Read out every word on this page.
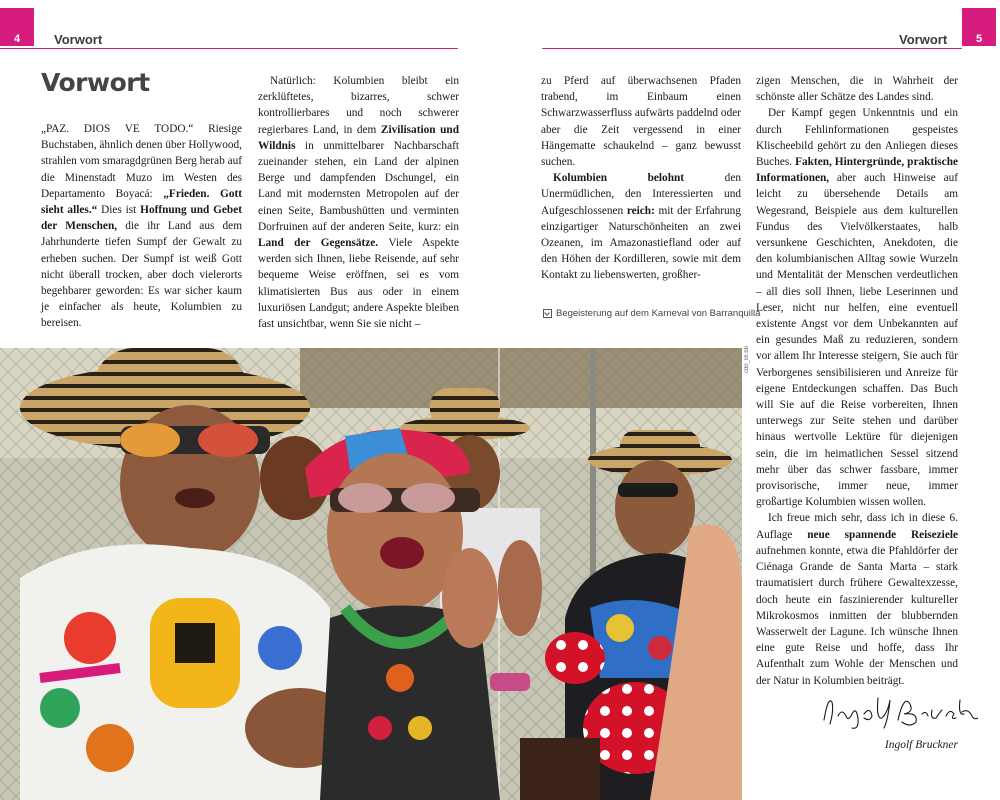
4	Vorwort	5
Vorwort
Vorwort

„PAZ. DIOS VE TODO.“ Riesige Buchstaben, ähnlich denen über Hollywood, strahlen vom smaragdgrünen Berg herab auf die Minenstadt Muzo im Westen des Departamento Boyacá: „Frieden. Gott sieht alles.“ Dies ist Hoffnung und Gebet der Menschen, die ihr Land aus dem Jahrhunderte tiefen Sumpf der Gewalt zu erheben suchen. Der Sumpf ist weiß Gott nicht überall trocken, aber doch vielerorts begehbarer geworden: Es war sicher kaum je einfacher als heute, Kolumbien zu bereisen.

Natürlich: Kolumbien bleibt ein zerklüftetes, bizarres, schwer kontrollierbares und noch schwerer regierbares Land, in dem Zivilisation und Wildnis in unmittelbarer Nachbarschaft zueinander stehen, ein Land der alpinen Berge und dampfenden Dschungel, ein Land mit modernsten Metropolen auf der einen Seite, Bambushütten und verminten Dorfruinen auf der anderen Seite, kurz: ein Land der Gegensätze. Viele Aspekte werden sich Ihnen, liebe Reisende, auf sehr bequeme Weise eröffnen, sei es vom klimatisierten Bus aus oder in einem luxuriösen Landgut; andere Aspekte bleiben fast unsichtbar, wenn Sie sie nicht –

zu Pferd auf überwachsenen Pfaden trabend, im Einbaum einen Schwarzwasserfluss aufwärts paddelnd oder aber die Zeit vergessend in einer Hängematte schaukelnd – ganz bewusst suchen.

Kolumbien belohnt den Unermüdlichen, den Interessierten und Aufgeschlossenen reich: mit der Erfahrung einzigartiger Naturschönheiten an zwei Ozeanen, im Amazonastiefland oder auf den Höhen der Kordilleren, sowie mit dem Kontakt zu liebenswerten, großher-

Begeisterung auf dem Karneval von Barranquilla
cdo_BI.bb

zigen Menschen, die in Wahrheit der schönste aller Schätze des Landes sind.

Der Kampf gegen Unkenntnis und ein durch Fehlinformationen gespeistes Klischeebild gehört zu den Anliegen dieses Buches. Fakten, Hintergründe, praktische Informationen, aber auch Hinweise auf leicht zu übersehende Details am Wegesrand, Beispiele aus dem kulturellen Fundus des Vielvölkerstaates, halb versunkene Geschichten, Anekdoten, die den kolumbianischen Alltag sowie Wurzeln und Mentalität der Menschen verdeutlichen – all dies soll Ihnen, liebe Leserinnen und Leser, nicht nur helfen, eine eventuell existente Angst vor dem Unbekannten auf ein gesundes Maß zu reduzieren, sondern vor allem Ihr Interesse steigern, Sie auch für Verborgenes sensibilisieren und Anreize für eigene Entdeckungen schaffen. Das Buch will Sie auf die Reise vorbereiten, Ihnen unterwegs zur Seite stehen und darüber hinaus wertvolle Lektüre für diejenigen sein, die im heimatlichen Sessel sitzend mehr über das schwer fassbare, immer provisorische, immer neue, immer großartige Kolumbien wissen wollen.

Ich freue mich sehr, dass ich in diese 6. Auflage neue spannende Reiseziele aufnehmen konnte, etwa die Pfahldörfer der Ciénaga Grande de Santa Marta – stark traumatisiert durch frühere Gewaltexzesse, doch heute ein faszinierender kultureller Mikrokosmos inmitten der blubbernden Wasserwelt der Lagune. Ich wünsche Ihnen eine gute Reise und hoffe, dass Ihr Aufenthalt zum Wohle der Menschen und der Natur in Kolumbien beiträgt.

Ingolf Bruckner
